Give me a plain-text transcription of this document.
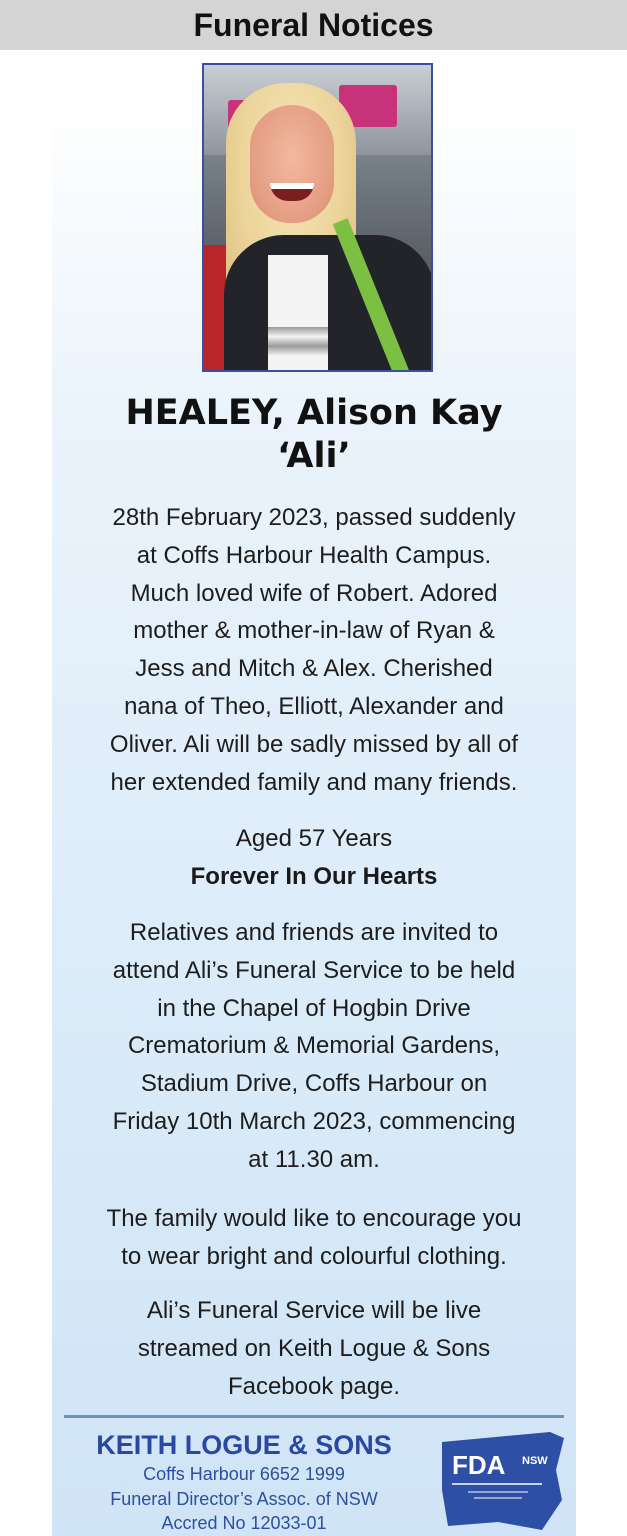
Funeral Notices
HEALEY, Alison Kay
‘Ali’
28th February 2023, passed suddenly
at Coffs Harbour Health Campus.
Much loved wife of Robert. Adored
mother & mother-in-law of Ryan &
Jess and Mitch & Alex. Cherished
nana of Theo, Elliott, Alexander and
Oliver. Ali will be sadly missed by all of
her extended family and many friends.
Aged 57 Years
Forever In Our Hearts
Relatives and friends are invited to
attend Ali’s Funeral Service to be held
in the Chapel of Hogbin Drive
Crematorium & Memorial Gardens,
Stadium Drive, Coffs Harbour on
Friday 10th March 2023, commencing
at 11.30 am.
The family would like to encourage you
to wear bright and colourful clothing.
Ali’s Funeral Service will be live
streamed on Keith Logue & Sons
Facebook page.
KEITH LOGUE & SONS
Coffs Harbour 6652 1999
Funeral Director’s Assoc. of NSW
Accred No 12033-01
FDA NSW
